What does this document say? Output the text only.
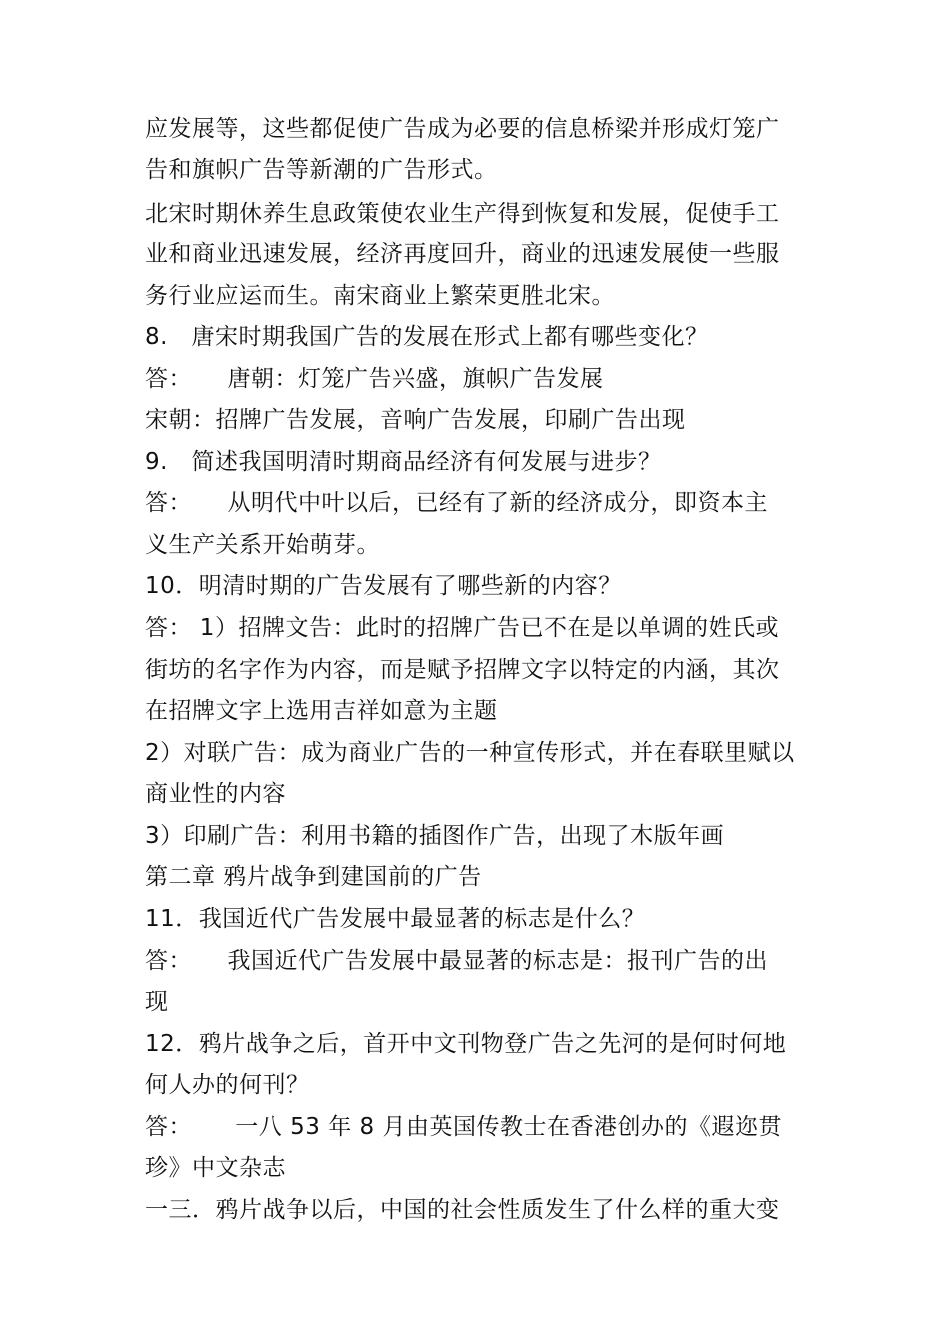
应发展等，这些都促使广告成为必要的信息桥梁并形成灯笼广
告和旗帜广告等新潮的广告形式。
北宋时期休养生息政策使农业生产得到恢复和发展，促使手工
业和商业迅速发展，经济再度回升，商业的迅速发展使一些服
务行业应运而生。南宋商业上繁荣更胜北宋。
8.　唐宋时期我国广告的发展在形式上都有哪些变化？
答：　　唐朝：灯笼广告兴盛，旗帜广告发展
宋朝：招牌广告发展，音响广告发展，印刷广告出现
9.　简述我国明清时期商品经济有何发展与进步？
答：　　从明代中叶以后，已经有了新的经济成分，即资本主
义生产关系开始萌芽。
10．明清时期的广告发展有了哪些新的内容？
答： 1）招牌文告：此时的招牌广告已不在是以单调的姓氏或
街坊的名字作为内容，而是赋予招牌文字以特定的内涵，其次
在招牌文字上选用吉祥如意为主题
2）对联广告：成为商业广告的一种宣传形式，并在春联里赋以
商业性的内容
3）印刷广告：利用书籍的插图作广告，出现了木版年画
第二章 鸦片战争到建国前的广告
11．我国近代广告发展中最显著的标志是什么？
答：　　我国近代广告发展中最显著的标志是：报刊广告的出
现
12．鸦片战争之后，首开中文刊物登广告之先河的是何时何地
何人办的何刊？
答：　　 一八 53 年 8 月由英国传教士在香港创办的《遐迩贯
珍》中文杂志
一三．鸦片战争以后，中国的社会性质发生了什么样的重大变
